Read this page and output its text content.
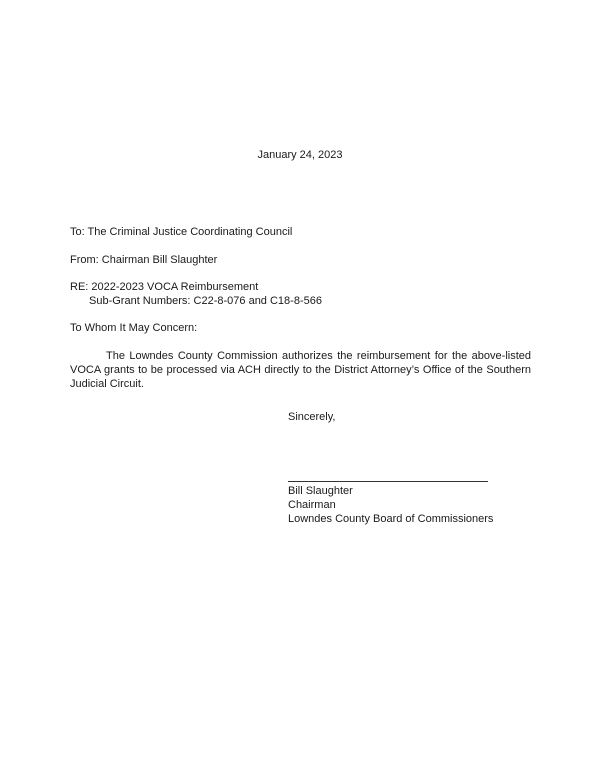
January 24, 2023
To: The Criminal Justice Coordinating Council
From: Chairman Bill Slaughter
RE: 2022-2023 VOCA Reimbursement
Sub-Grant Numbers: C22-8-076 and C18-8-566
To Whom It May Concern:
The Lowndes County Commission authorizes the reimbursement for the above-listed VOCA grants to be processed via ACH directly to the District Attorney’s Office of the Southern Judicial Circuit.
Sincerely,
Bill Slaughter
Chairman
Lowndes County Board of Commissioners
